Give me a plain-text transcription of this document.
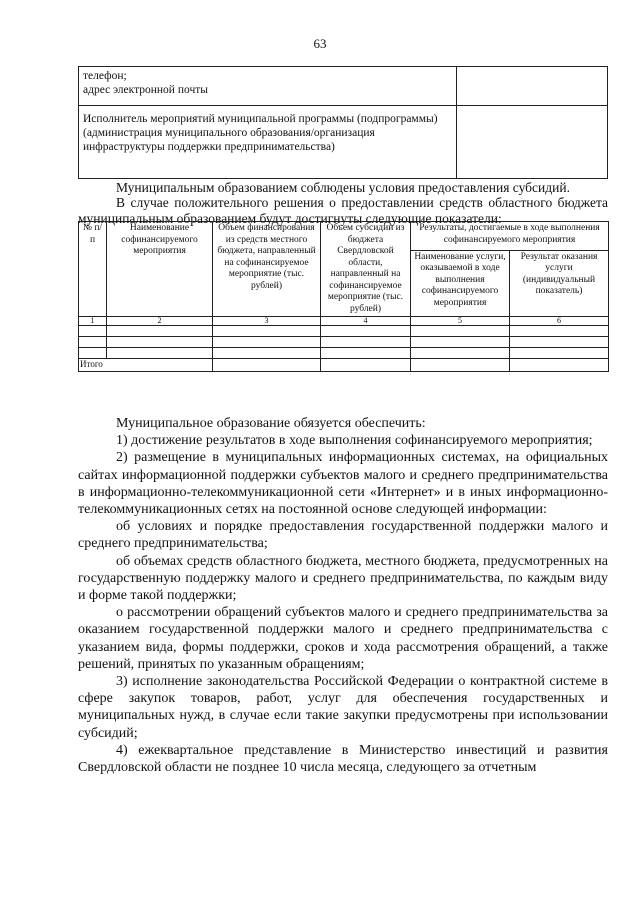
63
телефон;
адрес электронной почты	
Исполнитель мероприятий муниципальной программы (подпрограммы) (администрация муниципального образования/организация инфраструктуры поддержки предпринимательства)	
Муниципальным образованием соблюдены условия предоставления субсидий.
В случае положительного решения о предоставлении средств областного бюджета муниципальным образованием будут достигнуты следующие показатели:
№ п/п	Наименование софинансируемого мероприятия	Объем финансирования из средств местного бюджета, направленный на софинансируемое мероприятие (тыс. рублей)	Объем субсидии из бюджета Свердловской области, направленный на софинансируемое мероприятие (тыс. рублей)	Результаты, достигаемые в ходе выполнения софинансируемого мероприятия	
				Наименование услуги, оказываемой в ходе выполнения софинансируемого мероприятия	Результат оказания услуги (индивидуальный показатель)
1	2	3	4	5	6

Итого					

Муниципальное образование обязуется обеспечить:

1) достижение результатов в ходе выполнения софинансируемого мероприятия;

2) размещение в муниципальных информационных системах, на официальных сайтах информационной поддержки субъектов малого и среднего предпринимательства в информационно-телекоммуникационной сети «Интернет» и в иных информационно-телекоммуникационных сетях на постоянной основе следующей информации:

об условиях и порядке предоставления государственной поддержки малого и среднего предпринимательства;

об объемах средств областного бюджета, местного бюджета, предусмотренных на государственную поддержку малого и среднего предпринимательства, по каждым виду и форме такой поддержки;

о рассмотрении обращений субъектов малого и среднего предпринимательства за оказанием государственной поддержки малого и среднего предпринимательства с указанием вида, формы поддержки, сроков и хода рассмотрения обращений, а также решений, принятых по указанным обращениям;

3) исполнение законодательства Российской Федерации о контрактной системе в сфере закупок товаров, работ, услуг для обеспечения государственных и муниципальных нужд, в случае если такие закупки предусмотрены при использовании субсидий;

4) ежеквартальное представление в Министерство инвестиций и развития Свердловской области не позднее 10 числа месяца, следующего за отчетным
